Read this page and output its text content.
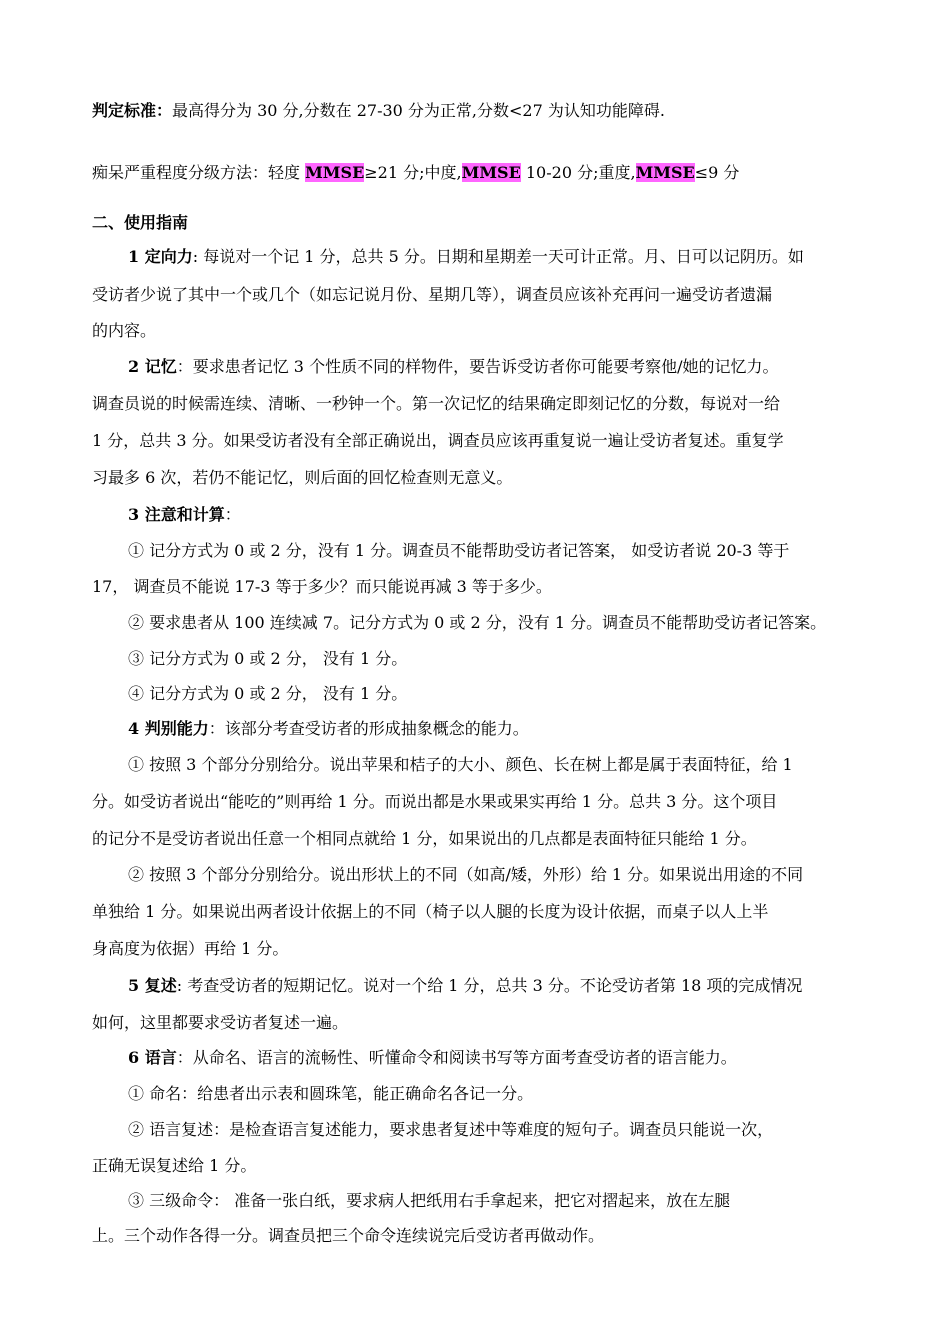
判定标准：最高得分为 30 分,分数在 27-30 分为正常,分数<27 为认知功能障碍.
痴呆严重程度分级方法：轻度 MMSE≥21 分;中度,MMSE 10-20 分;重度,MMSE≤9 分
二、使用指南
1 定向力: 每说对一个记 1 分，总共 5 分。日期和星期差一天可计正常。月、日可以记阴历。如
受访者少说了其中一个或几个（如忘记说月份、星期几等），调查员应该补充再问一遍受访者遗漏
的内容。
2 记忆：要求患者记忆 3 个性质不同的样物件，要告诉受访者你可能要考察他/她的记忆力。
调查员说的时候需连续、清晰、一秒钟一个。第一次记忆的结果确定即刻记忆的分数，每说对一给
1 分，总共 3 分。如果受访者没有全部正确说出，调查员应该再重复说一遍让受访者复述。重复学
习最多 6 次，若仍不能记忆，则后面的回忆检查则无意义。
3 注意和计算：
① 记分方式为 0 或 2 分，没有 1 分。调查员不能帮助受访者记答案， 如受访者说 20-3 等于
17， 调查员不能说 17-3 等于多少？而只能说再减 3 等于多少。
② 要求患者从 100 连续减 7。记分方式为 0 或 2 分，没有 1 分。调查员不能帮助受访者记答案。
③ 记分方式为 0 或 2 分， 没有 1 分。
④ 记分方式为 0 或 2 分， 没有 1 分。
4 判别能力：该部分考查受访者的形成抽象概念的能力。
① 按照 3 个部分分别给分。说出苹果和桔子的大小、颜色、长在树上都是属于表面特征，给 1
分。如受访者说出“能吃的”则再给 1 分。而说出都是水果或果实再给 1 分。总共 3 分。这个项目
的记分不是受访者说出任意一个相同点就给 1 分，如果说出的几点都是表面特征只能给 1 分。
② 按照 3 个部分分别给分。说出形状上的不同（如高/矮，外形）给 1 分。如果说出用途的不同
单独给 1 分。如果说出两者设计依据上的不同（椅子以人腿的长度为设计依据，而桌子以人上半
身高度为依据）再给 1 分。
5 复述: 考查受访者的短期记忆。说对一个给 1 分，总共 3 分。不论受访者第 18 项的完成情况
如何，这里都要求受访者复述一遍。
6 语言：从命名、语言的流畅性、听懂命令和阅读书写等方面考查受访者的语言能力。
① 命名：给患者出示表和圆珠笔，能正确命名各记一分。
② 语言复述：是检查语言复述能力，要求患者复述中等难度的短句子。调查员只能说一次，
正确无误复述给 1 分。
③ 三级命令： 准备一张白纸，要求病人把纸用右手拿起来，把它对摺起来，放在左腿
上。三个动作各得一分。调查员把三个命令连续说完后受访者再做动作。
